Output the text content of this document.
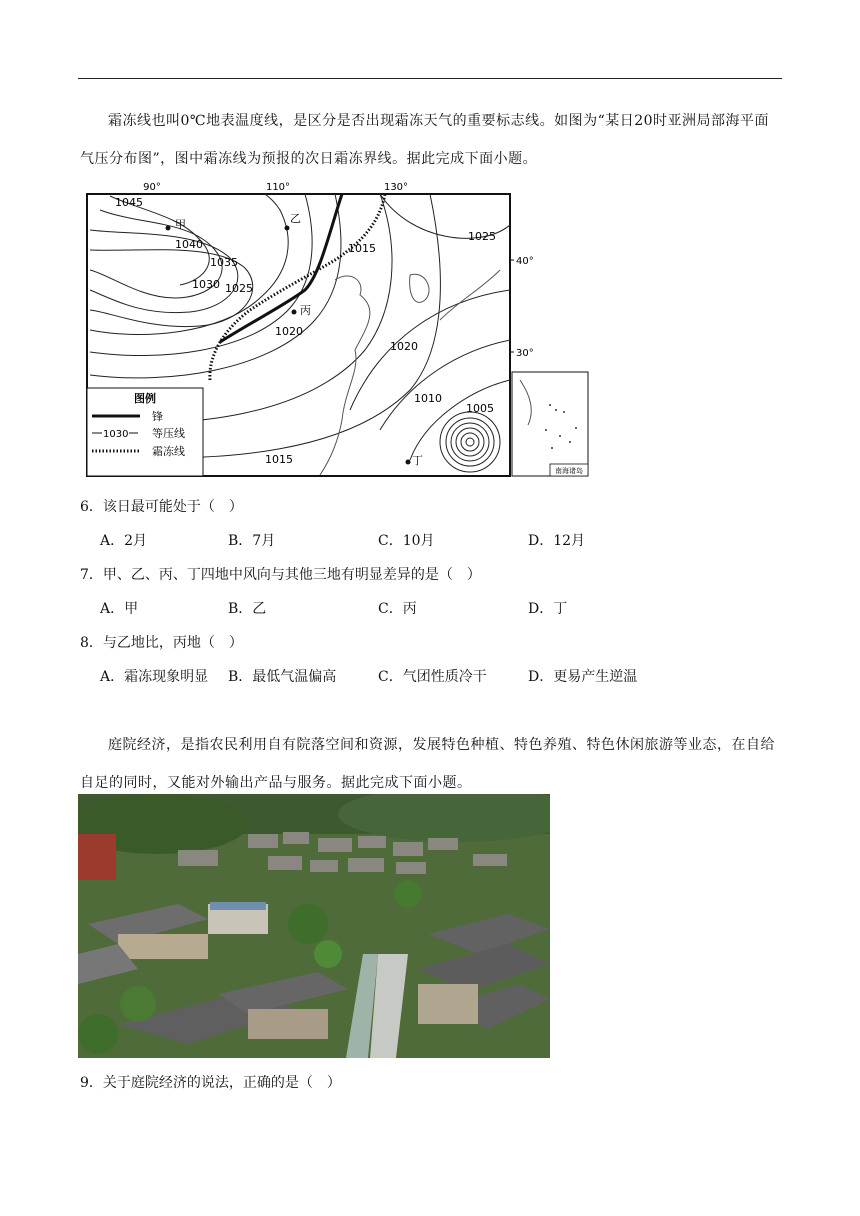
霜冻线也叫0℃地表温度线，是区分是否出现霜冻天气的重要标志线。如图为“某日20时亚洲局部海平面气压分布图”，图中霜冻线为预报的次日霜冻界线。据此完成下面小题。
90°	110°	130°
40°
30°
1045
1040
1035
1030 1025
1020
1015
1025
1020
1010
1005
1015
甲	乙
丙
丁
图例
锋
1030 等压线
霜冻线
南海诸岛
6．该日最可能处于（　）
A．2月	B．7月	C．10月	D．12月
7．甲、乙、丙、丁四地中风向与其他三地有明显差异的是（　）
A．甲	B．乙	C．丙	D．丁
8．与乙地比，丙地（　）
A．霜冻现象明显 B．最低气温偏高	C．气团性质冷干	D．更易产生逆温
庭院经济，是指农民利用自有院落空间和资源，发展特色种植、特色养殖、特色休闲旅游等业态，在自给自足的同时，又能对外输出产品与服务。据此完成下面小题。
9．关于庭院经济的说法，正确的是（　）
